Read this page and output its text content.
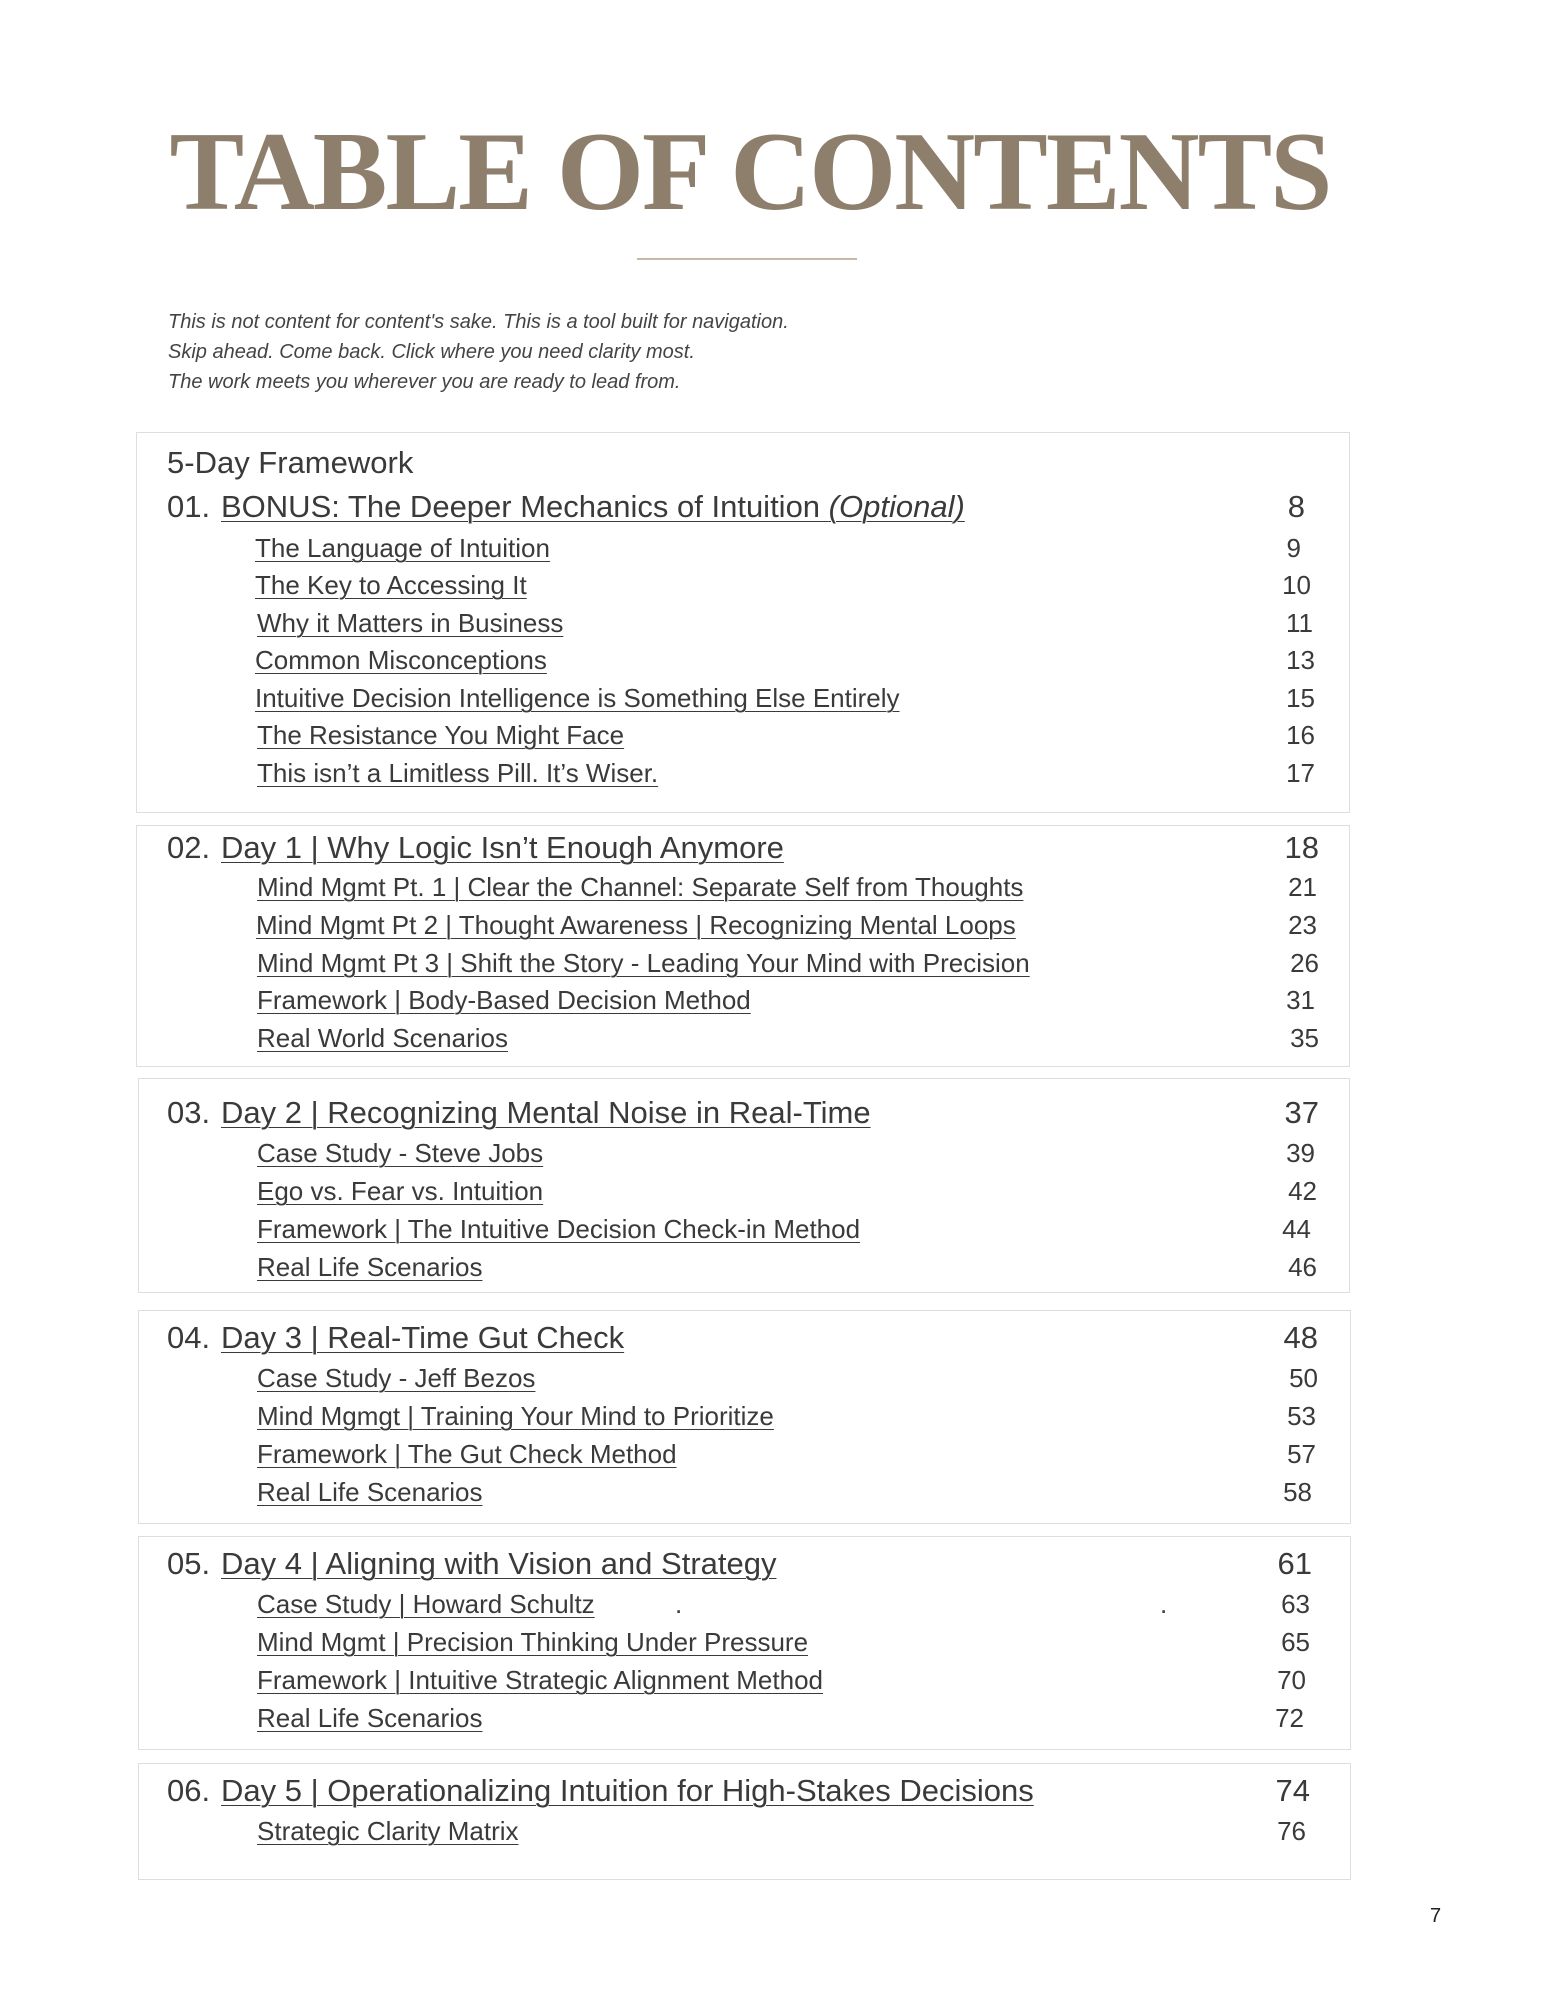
TABLE OF CONTENTS
This is not content for content's sake. This is a tool built for navigation.
Skip ahead. Come back. Click where you need clarity most.
The work meets you wherever you are ready to lead from.
5-Day Framework
01. BONUS: The Deeper Mechanics of Intuition (Optional)	8
The Language of Intuition	9
The Key to Accessing It	10
Why it Matters in Business	11
Common Misconceptions	13
Intuitive Decision Intelligence is Something Else Entirely	15
The Resistance You Might Face	16
This isn’t a Limitless Pill. It’s Wiser.	17
02. Day 1 | Why Logic Isn’t Enough Anymore	18
Mind Mgmt Pt. 1 | Clear the Channel: Separate Self from Thoughts	21
Mind Mgmt Pt 2 | Thought Awareness | Recognizing Mental Loops	23
Mind Mgmt Pt 3 | Shift the Story - Leading Your Mind with Precision	26
Framework | Body-Based Decision Method	31
Real World Scenarios	35
03. Day 2 | Recognizing Mental Noise in Real-Time	37
Case Study - Steve Jobs	39
Ego vs. Fear vs. Intuition	42
Framework | The Intuitive Decision Check-in Method	44
Real Life Scenarios	46
04. Day 3 | Real-Time Gut Check	48
Case Study - Jeff Bezos	50
Mind Mgmgt | Training Your Mind to Prioritize	53
Framework | The Gut Check Method	57
Real Life Scenarios	58
05. Day 4 | Aligning with Vision and Strategy	61
Case Study | Howard Schultz	.	.	63
Mind Mgmt | Precision Thinking Under Pressure	65
Framework | Intuitive Strategic Alignment Method	70
Real Life Scenarios	72
06. Day 5 | Operationalizing Intuition for High-Stakes Decisions	74
Strategic Clarity Matrix	76
7
